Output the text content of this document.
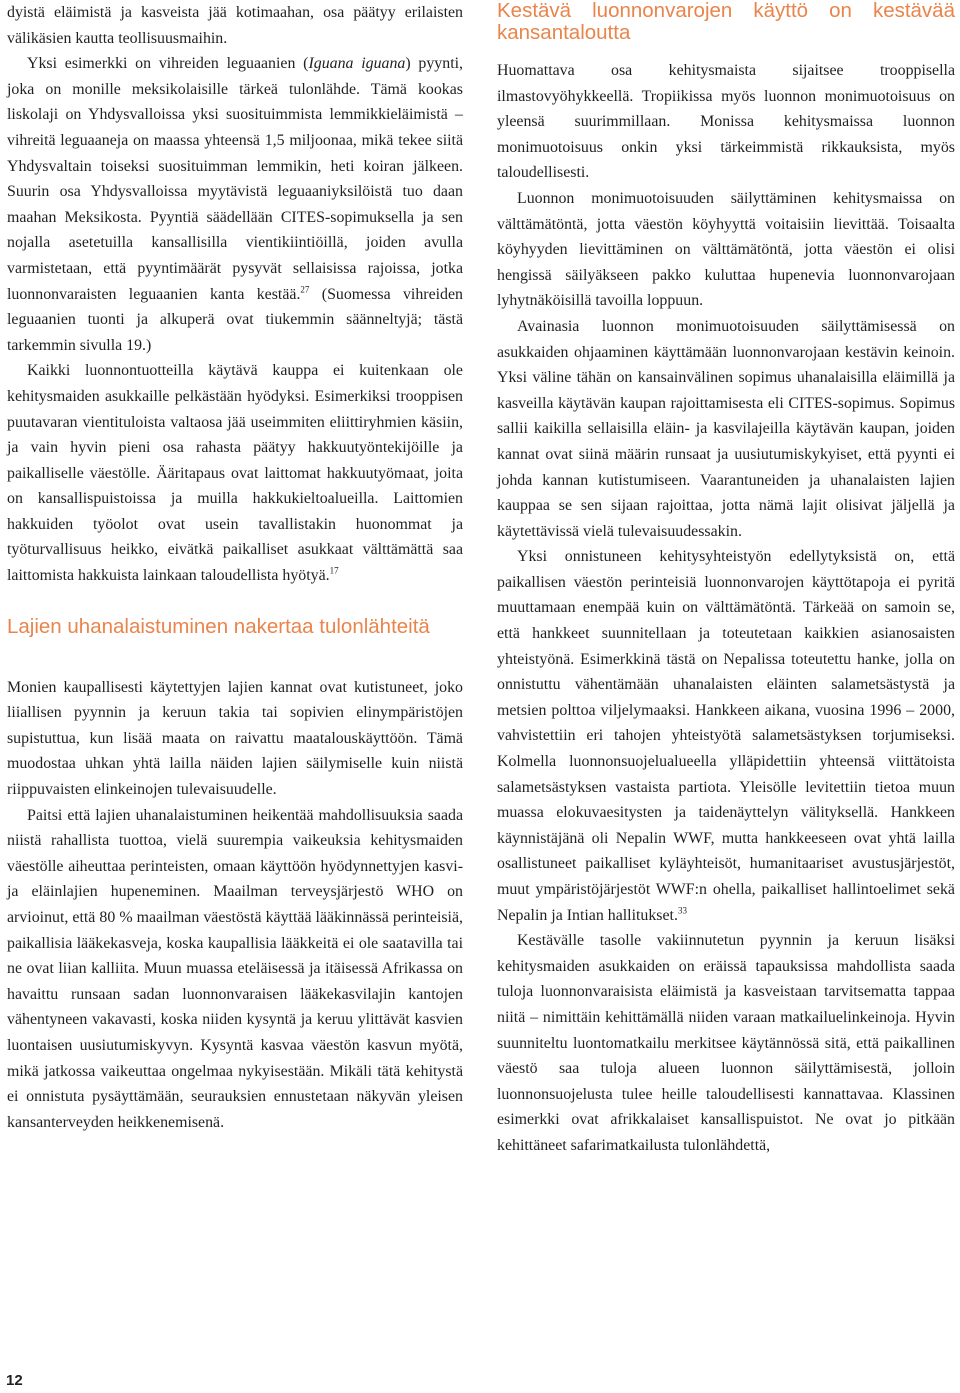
dyistä eläimistä ja kasveista jää kotimaahan, osa päätyy erilaisten välikäsien kautta teollisuusmaihin.

Yksi esimerkki on vihreiden leguaanien (Iguana iguana) pyynti, joka on monille meksikolaisille tärkeä tulonlähde. Tämä kookas liskolaji on Yhdysvalloissa yksi suosituimmista lemmikkieläimistä – vihreitä leguaaneja on maassa yhteensä 1,5 miljoonaa, mikä tekee siitä Yhdysvaltain toiseksi suosituimman lemmikin, heti koiran jälkeen. Suurin osa Yhdysvalloissa myytävistä leguaaniyksilöistä tuo daan maahan Meksikosta. Pyyntiä säädellään CITES-sopimuksella ja sen nojalla asetetuilla kansallisilla vientikiintiöillä, joiden avulla varmistetaan, että pyyntimäärät pysyvät sellaisissa rajoissa, jotka luonnonvaraisten leguaanien kanta kestää.$^{27}$ (Suomessa vihreiden leguaanien tuonti ja alkuperä ovat tiukemmin säänneltyjä; tästä tarkemmin sivulla 19.)

Kaikki luonnontuotteilla käytävä kauppa ei kuitenkaan ole kehitysmaiden asukkaille pelkästään hyödyksi. Esimerkiksi trooppisen puutavaran vientituloista valtaosa jää useimmiten eliittiryhmien käsiin, ja vain hyvin pieni osa rahasta päätyy hakkuutyöntekijöille ja paikalliselle väestölle. Ääritapaus ovat laittomat hakkuutyömaat, joita on kansallispuistoissa ja muilla hakkukieltoalueilla. Laittomien hakkuiden työolot ovat usein tavallistakin huonommat ja työturvallisuus heikko, eivätkä paikalliset asukkaat välttämättä saa laittomista hakkuista lainkaan taloudellista hyötyä.$^{17}$

Lajien uhanalaistuminen nakertaa tulonlähteitä

Monien kaupallisesti käytettyjen lajien kannat ovat kutistuneet, joko liiallisen pyynnin ja keruun takia tai sopivien elinympäristöjen supistuttua, kun lisää maata on raivattu maatalouskäyttöön. Tämä muodostaa uhkan yhtä lailla näiden lajien säilymiselle kuin niistä riippuvaisten elinkeinojen tulevaisuudelle.

Paitsi että lajien uhanalaistuminen heikentää mahdollisuuksia saada niistä rahallista tuottoa, vielä suurempia vaikeuksia kehitysmaiden väestölle aiheuttaa perinteisten, omaan käyttöön hyödynnettyjen kasvi- ja eläinlajien hupeneminen. Maailman terveysjärjestö WHO on arvioinut, että 80 % maailman väestöstä käyttää lääkinnässä perinteisiä, paikallisia lääkekasveja, koska kaupallisia lääkkeitä ei ole saatavilla tai ne ovat liian kalliita. Muun muassa eteläisessä ja itäisessä Afrikassa on havaittu runsaan sadan luonnonvaraisen lääkekasvilajin kantojen vähentyneen vakavasti, koska niiden kysyntä ja keruu ylittävät kasvien luontaisen uusiutumiskyvyn. Kysyntä kasvaa väestön kasvun myötä, mikä jatkossa vaikeuttaa ongelmaa nykyisestään. Mikäli tätä kehitystä ei onnistuta pysäyttämään, seurauksien ennustetaan näkyvän yleisen kansanterveyden heikkenemisenä.

Kestävä luonnonvarojen käyttö on kestävää kansantaloutta

Huomattava osa kehitysmaista sijaitsee trooppisella ilmastovyöhykkeellä. Tropiikissa myös luonnon monimuotoisuus on yleensä suurimmillaan. Monissa kehitysmaissa luonnon monimuotoisuus onkin yksi tärkeimmistä rikkauksista, myös taloudellisesti.

Luonnon monimuotoisuuden säilyttäminen kehitysmaissa on välttämätöntä, jotta väestön köyhyyttä voitaisiin lievittää. Toisaalta köyhyyden lievittäminen on välttämätöntä, jotta väestön ei olisi hengissä säilyäkseen pakko kuluttaa hupenevia luonnonvarojaan lyhytnäköisillä tavoilla loppuun.

Avainasia luonnon monimuotoisuuden säilyttämisessä on asukkaiden ohjaaminen käyttämään luonnonvarojaan kestävin keinoin. Yksi väline tähän on kansainvälinen sopimus uhanalaisilla eläimillä ja kasveilla käytävän kaupan rajoittamisesta eli CITES-sopimus. Sopimus sallii kaikilla sellaisilla eläin- ja kasvilajeilla käytävän kaupan, joiden kannat ovat siinä määrin runsaat ja uusiutumiskykyiset, että pyynti ei johda kannan kutistumiseen. Vaarantuneiden ja uhanalaisten lajien kauppaa se sen sijaan rajoittaa, jotta nämä lajit olisivat jäljellä ja käytettävissä vielä tulevaisuudessakin.

Yksi onnistuneen kehitysyhteistyön edellytyksistä on, että paikallisen väestön perinteisiä luonnonvarojen käyttötapoja ei pyritä muuttamaan enempää kuin on välttämätöntä. Tärkeää on samoin se, että hankkeet suunnitellaan ja toteutetaan kaikkien asianosaisten yhteistyönä. Esimerkkinä tästä on Nepalissa toteutettu hanke, jolla on onnistuttu vähentämään uhanalaisten eläinten salametsästystä ja metsien polttoa viljelymaaksi. Hankkeen aikana, vuosina 1996 – 2000, vahvistettiin eri tahojen yhteistyötä salametsästyksen torjumiseksi. Kolmella luonnonsuojelualueella ylläpidettiin yhteensä viittätoista salametsästyksen vastaista partiota. Yleisölle levitettiin tietoa muun muassa elokuvaesitysten ja taidenäyttelyn välityksellä. Hankkeen käynnistäjänä oli Nepalin WWF, mutta hankkeeseen ovat yhtä lailla osallistuneet paikalliset kyläyhteisöt, humanitaariset avustusjärjestöt, muut ympäristöjärjestöt WWF:n ohella, paikalliset hallintoelimet sekä Nepalin ja Intian hallitukset.$^{33}$

Kestävälle tasolle vakiinnutetun pyynnin ja keruun lisäksi kehitysmaiden asukkaiden on eräissä tapauksissa mahdollista saada tuloja luonnonvaraisista eläimistä ja kasveistaan tarvitsematta tappaa niitä – nimittäin kehittämällä niiden varaan matkailuelinkeinoja. Hyvin suunniteltu luontomatkailu merkitsee käytännössä sitä, että paikallinen väestö saa tuloja alueen luonnon säilyttämisestä, jolloin luonnonsuojelusta tulee heille taloudellisesti kannattavaa. Klassinen esimerkki ovat afrikkalaiset kansallispuistot. Ne ovat jo pitkään kehittäneet safarimatkailusta tulonlähdettä,

12
